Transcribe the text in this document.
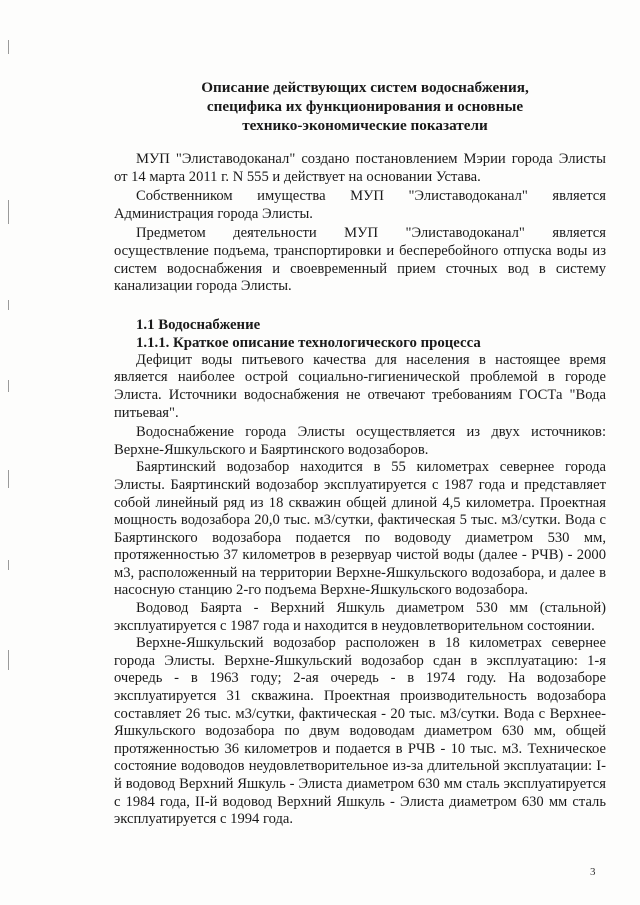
Описание действующих систем водоснабжения,
специфика их функционирования и основные
технико-экономические показатели

МУП "Элиставодоканал" создано постановлением Мэрии города Элисты от 14 марта 2011 г. N 555 и действует на основании Устава.

Собственником имущества МУП "Элиставодоканал" является Администрация города Элисты.

Предметом деятельности МУП "Элиставодоканал" является осуществление подъема, транспортировки и бесперебойного отпуска воды из систем водоснабжения и своевременный прием сточных вод в систему канализации города Элисты.

1.1 Водоснабжение
1.1.1. Краткое описание технологического процесса

Дефицит воды питьевого качества для населения в настоящее время является наиболее острой социально-гигиенической проблемой в городе Элиста. Источники водоснабжения не отвечают требованиям ГОСТа "Вода питьевая".

Водоснабжение города Элисты осуществляется из двух источников: Верхне-Яшкульского и Баяртинского водозаборов.

Баяртинский водозабор находится в 55 километрах севернее города Элисты. Баяртинский водозабор эксплуатируется с 1987 года и представляет собой линейный ряд из 18 скважин общей длиной 4,5 километра. Проектная мощность водозабора 20,0 тыс. м3/сутки, фактическая 5 тыс. м3/сутки. Вода с Баяртинского водозабора подается по водоводу диаметром 530 мм, протяженностью 37 километров в резервуар чистой воды (далее - РЧВ) - 2000 м3, расположенный на территории Верхне-Яшкульского водозабора, и далее в насосную станцию 2-го подъема Верхне-Яшкульского водозабора.

Водовод Баярта - Верхний Яшкуль диаметром 530 мм (стальной) эксплуатируется с 1987 года и находится в неудовлетворительном состоянии.

Верхне-Яшкульский водозабор расположен в 18 километрах севернее города Элисты. Верхне-Яшкульский водозабор сдан в эксплуатацию: 1-я очередь - в 1963 году; 2-ая очередь - в 1974 году. На водозаборе эксплуатируется 31 скважина. Проектная производительность водозабора составляет 26 тыс. м3/сутки, фактическая - 20 тыс. м3/сутки. Вода с Верхнее-Яшкульского водозабора по двум водоводам диаметром 630 мм, общей протяженностью 36 километров и подается в РЧВ - 10 тыс. м3. Техническое состояние водоводов неудовлетворительное из-за длительной эксплуатации: I-й водовод Верхний Яшкуль - Элиста диаметром 630 мм сталь эксплуатируется с 1984 года, II-й водовод Верхний Яшкуль - Элиста диаметром 630 мм сталь эксплуатируется с 1994 года.

3
